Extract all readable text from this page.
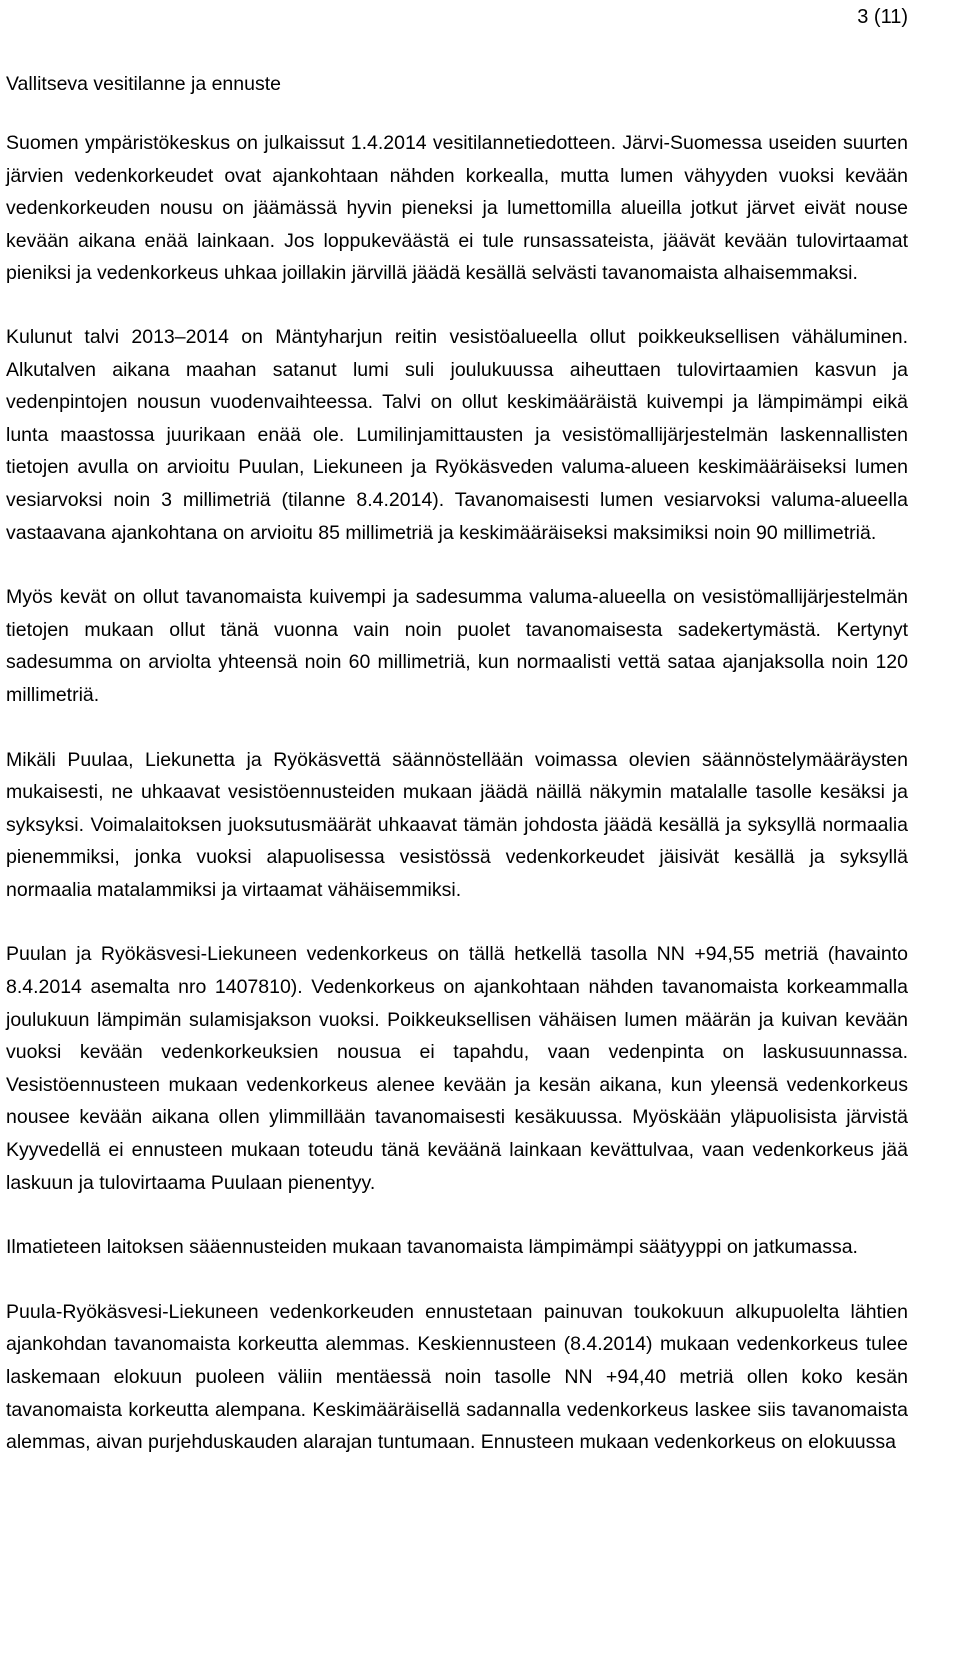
3 (11)

Vallitseva vesitilanne ja ennuste

Suomen ympäristökeskus on julkaissut 1.4.2014 vesitilannetiedotteen. Järvi-Suomessa useiden suurten järvien vedenkorkeudet ovat ajankohtaan nähden korkealla, mutta lumen vähyyden vuoksi kevään vedenkorkeuden nousu on jäämässä hyvin pieneksi ja lumettomilla alueilla jotkut järvet eivät nouse kevään aikana enää lainkaan. Jos loppukeväästä ei tule runsassateista, jäävät kevään tulovirtaamat pieniksi ja vedenkorkeus uhkaa joillakin järvillä jäädä kesällä selvästi tavanomaista alhaisemmaksi.

Kulunut talvi 2013–2014 on Mäntyharjun reitin vesistöalueella ollut poikkeuksellisen vähäluminen. Alkutalven aikana maahan satanut lumi suli joulukuussa aiheuttaen tulovirtaamien kasvun ja vedenpintojen nousun vuodenvaihteessa. Talvi on ollut keskimääräistä kuivempi ja lämpimämpi eikä lunta maastossa juurikaan enää ole. Lumilinjamittausten ja vesistömallijärjestelmän laskennallisten tietojen avulla on arvioitu Puulan, Liekuneen ja Ryökäsveden valuma-alueen keskimääräiseksi lumen vesiarvoksi noin 3 millimetriä (tilanne 8.4.2014). Tavanomaisesti lumen vesiarvoksi valuma-alueella vastaavana ajankohtana on arvioitu 85 millimetriä ja keskimääräiseksi maksimiksi noin 90 millimetriä.

Myös kevät on ollut tavanomaista kuivempi ja sadesumma valuma-alueella on vesistömallijärjestelmän tietojen mukaan ollut tänä vuonna vain noin puolet tavanomaisesta sadekertymästä. Kertynyt sadesumma on arviolta yhteensä noin 60 millimetriä, kun normaalisti vettä sataa ajanjaksolla noin 120 millimetriä.

Mikäli Puulaa, Liekunetta ja Ryökäsvettä säännöstellään voimassa olevien säännöstelymääräysten mukaisesti, ne uhkaavat vesistöennusteiden mukaan jäädä näillä näkymin matalalle tasolle kesäksi ja syksyksi. Voimalaitoksen juoksutusmäärät uhkaavat tämän johdosta jäädä kesällä ja syksyllä normaalia pienemmiksi, jonka vuoksi alapuolisessa vesistössä vedenkorkeudet jäisivät kesällä ja syksyllä normaalia matalammiksi ja virtaamat vähäisemmiksi.

Puulan ja Ryökäsvesi-Liekuneen vedenkorkeus on tällä hetkellä tasolla NN +94,55 metriä (havainto 8.4.2014 asemalta nro 1407810). Vedenkorkeus on ajankohtaan nähden tavanomaista korkeammalla joulukuun lämpimän sulamisjakson vuoksi. Poikkeuksellisen vähäisen lumen määrän ja kuivan kevään vuoksi kevään vedenkorkeuksien nousua ei tapahdu, vaan vedenpinta on laskusuunnassa. Vesistöennusteen mukaan vedenkorkeus alenee kevään ja kesän aikana, kun yleensä vedenkorkeus nousee kevään aikana ollen ylimmillään tavanomaisesti kesäkuussa. Myöskään yläpuolisista järvistä Kyyvedellä ei ennusteen mukaan toteudu tänä keväänä lainkaan kevättulvaa, vaan vedenkorkeus jää laskuun ja tulovirtaama Puulaan pienentyy.

Ilmatieteen laitoksen sääennusteiden mukaan tavanomaista lämpimämpi säätyyppi on jatkumassa.

Puula-Ryökäsvesi-Liekuneen vedenkorkeuden ennustetaan painuvan toukokuun alkupuolelta lähtien ajankohdan tavanomaista korkeutta alemmas. Keskiennusteen (8.4.2014) mukaan vedenkorkeus tulee laskemaan elokuun puoleen väliin mentäessä noin tasolle NN +94,40 metriä ollen koko kesän tavanomaista korkeutta alempana. Keskimääräisellä sadannalla vedenkorkeus laskee siis tavanomaista alemmas, aivan purjehduskauden alarajan tuntumaan. Ennusteen mukaan vedenkorkeus on elokuussa
